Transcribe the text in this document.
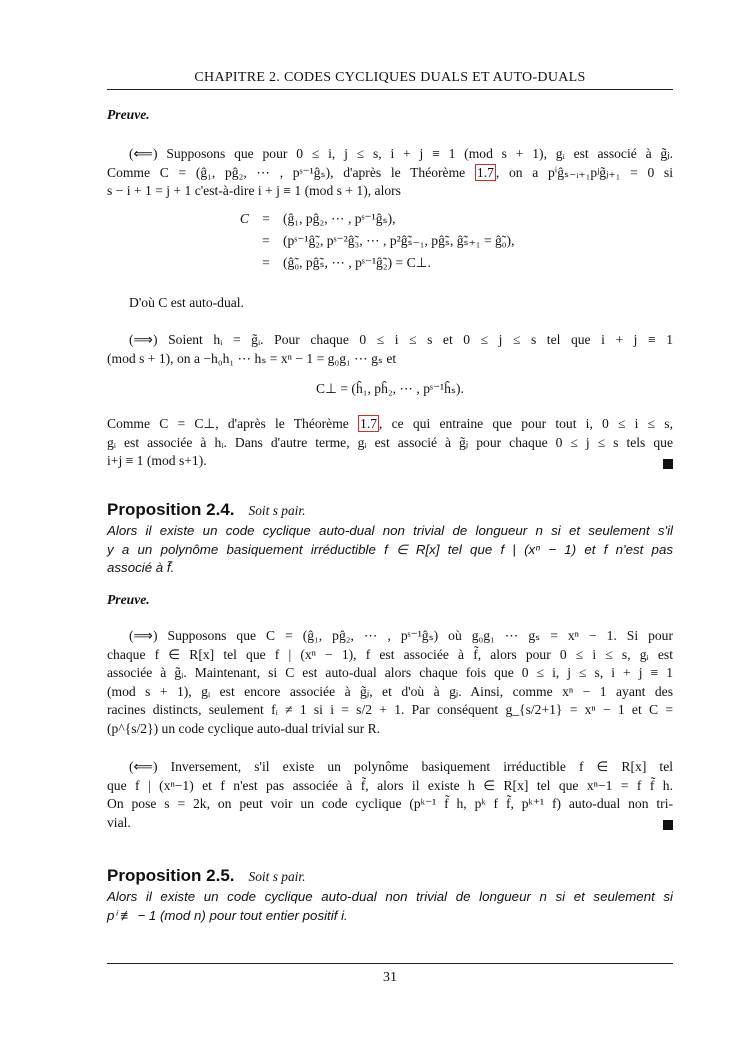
CHAPITRE 2. CODES CYCLIQUES DUALS ET AUTO-DUALS
Preuve.
(⟸) Supposons que pour 0 ≤ i, j ≤ s, i + j ≡ 1 (mod s + 1), gᵢ est associé à g̃ⱼ.
Comme C = (ĝ₁, pĝ₂, ⋯ , pˢ⁻¹ĝₛ), d'après le Théorème 1.7 , on a pⁱĝₛ₋ᵢ₊₁pʲg̃ⱼ₊₁ = 0 si
s − i + 1 = j + 1 c'est-à-dire i + j ≡ 1 (mod s + 1), alors
C = (ĝ₁, pĝ₂, ⋯ , pˢ⁻¹ĝₛ),
= (pˢ⁻¹ĝ̃₂, pˢ⁻²ĝ̃₃, ⋯ , p²ĝ̃ₛ₋₁, pĝ̃ₛ, ĝ̃ₛ₊₁ = ĝ̃₀),
= (ĝ̃₀, pĝ̃ₛ, ⋯ , pˢ⁻¹ĝ̃₂) = C⊥.
D'où C est auto-dual.
(⟹) Soient hᵢ = g̃ᵢ. Pour chaque 0 ≤ i ≤ s et 0 ≤ j ≤ s tel que i + j ≡ 1
(mod s + 1), on a −h₀h₁ ⋯ hₛ = xⁿ − 1 = g₀g₁ ⋯ gₛ et
C⊥ = (ĥ₁, pĥ₂, ⋯ , pˢ⁻¹ĥₛ).
Comme C = C⊥, d'après le Théorème 1.7 , ce qui entraine que pour tout i, 0 ≤ i ≤ s,
gᵢ est associée à hᵢ. Dans d'autre terme, gᵢ est associé à g̃ⱼ pour chaque 0 ≤ j ≤ s tels que
i+j ≡ 1 (mod s+1).
Proposition 2.4. Soit s pair.
Alors il existe un code cyclique auto-dual non trivial de longueur n si et seulement s'il
y a un polynôme basiquement irréductible f ∈ R[x] tel que f | (xⁿ − 1) et f n'est pas
associé à f̃.
Preuve.
(⟹) Supposons que C = (ĝ₁, pĝ₂, ⋯ , pˢ⁻¹ĝₛ) où g₀g₁ ⋯ gₛ = xⁿ − 1. Si pour
chaque f ∈ R[x] tel que f | (xⁿ − 1), f est associée à f̃, alors pour 0 ≤ i ≤ s, gᵢ est
associée à g̃ᵢ. Maintenant, si C est auto-dual alors chaque fois que 0 ≤ i, j ≤ s, i + j ≡ 1
(mod s + 1), gᵢ est encore associée à g̃ⱼ, et d'où à gⱼ. Ainsi, comme xⁿ − 1 ayant des
racines distincts, seulement fᵢ ≠ 1 si i = s/2 + 1. Par conséquent g_{s/2+1} = xⁿ − 1 et C =
(p^{s/2}) un code cyclique auto-dual trivial sur R.
(⟸) Inversement, s'il existe un polynôme basiquement irréductible f ∈ R[x] tel
que f | (xⁿ−1) et f n'est pas associée à f̃, alors il existe h ∈ R[x] tel que xⁿ−1 = f f̃ h.
On pose s = 2k, on peut voir un code cyclique (pᵏ⁻¹ f̃ h, pᵏ f f̃, pᵏ⁺¹ f) auto-dual non tri-
vial.
Proposition 2.5. Soit s pair.
Alors il existe un code cyclique auto-dual non trivial de longueur n si et seulement si
pⁱ ≢ − 1 (mod n) pour tout entier positif i.
31
